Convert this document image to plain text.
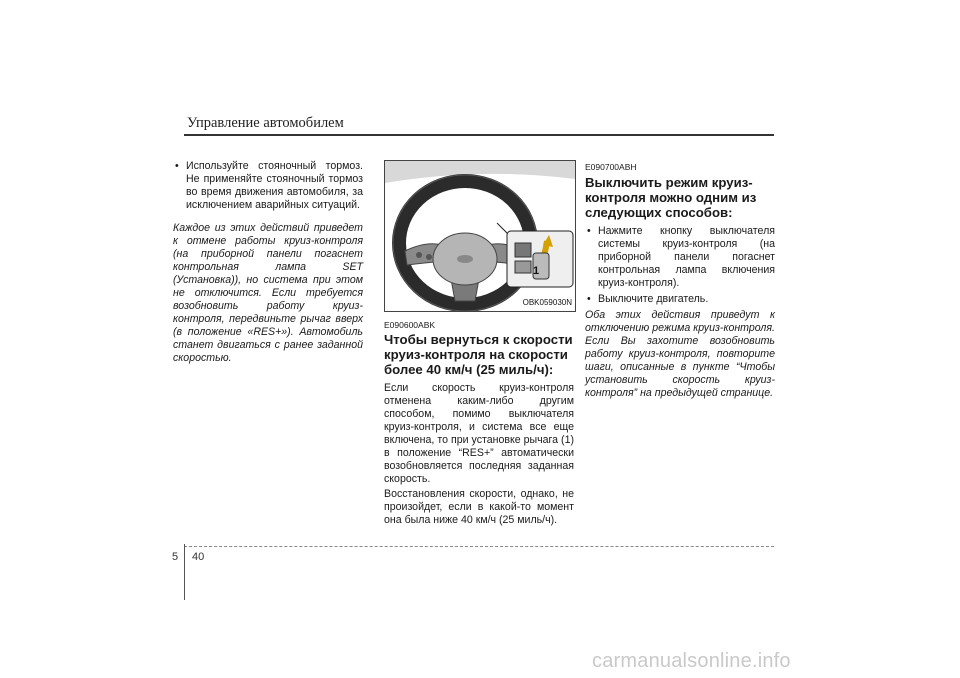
Управление автомобилем
• Используйте стояночный тормоз. Не применяйте стояночный тормоз во время движения автомобиля, за исключением аварийных ситуаций.
Каждое из этих действий приведет к отмене работы круиз-контроля (на приборной панели погаснет контрольная лампа SET (Установка)), но система при этом не отключится. Если требуется возобновить работу круиз-контроля, передвиньте рычаг вверх (в положение «RES+»). Автомобиль станет двигаться с ранее заданной скоростью.
1
OBK059030N
E090600ABK
Чтобы вернуться к скорости круиз-контроля на скорости более 40 км/ч (25 миль/ч):
Если скорость круиз-контроля отменена каким-либо другим способом, помимо выключателя круиз-контроля, и система все еще включена, то при установке рычага (1) в положение “RES+” автоматически возобновляется последняя заданная скорость.
Восстановления скорости, однако, не произойдет, если в какой-то момент она была ниже 40 км/ч (25 миль/ч).
E090700ABH
Выключить режим круиз-контроля можно одним из следующих способов:
• Нажмите кнопку выключателя системы круиз-контроля (на приборной панели погаснет контрольная лампа включения круиз-контроля).
• Выключите двигатель.
Оба этих действия приведут к отключению режима круиз-контроля. Если Вы захотите возобновить работу круиз-контроля, повторите шаги, описанные в пункте “Чтобы установить скорость круиз-контроля” на предыдущей странице.
5 40
carmanualsonline.info
